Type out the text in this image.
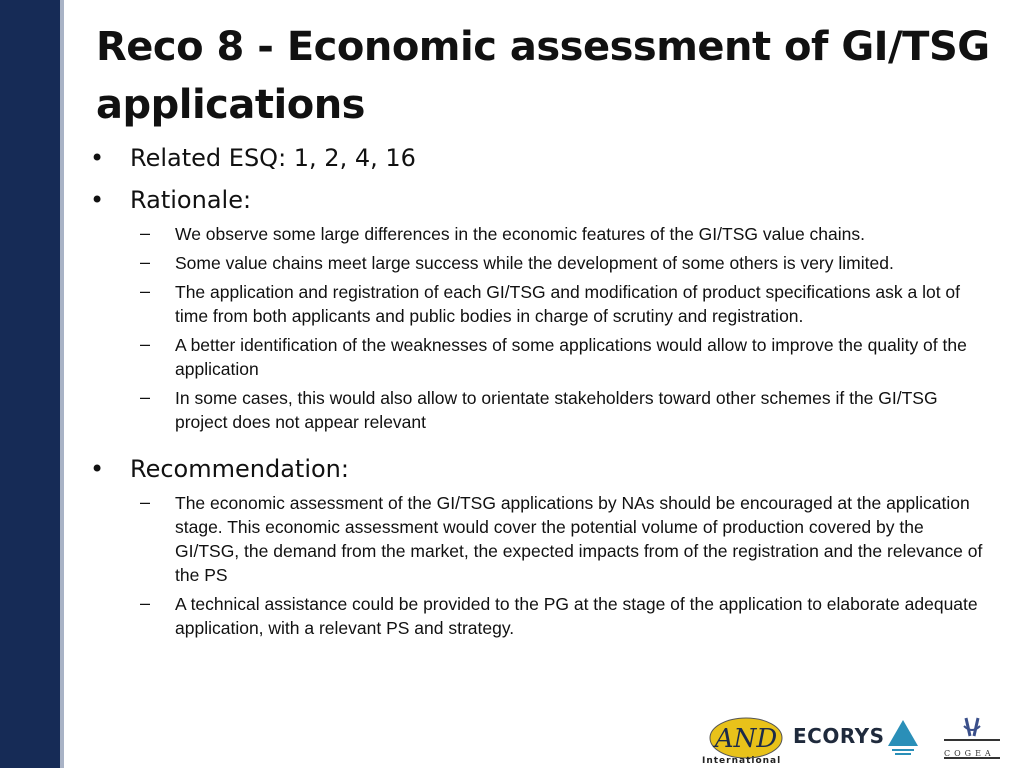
Reco 8 - Economic assessment of GI/TSG applications
• Related ESQ: 1, 2, 4, 16
• Rationale:
– We observe some large differences in the economic features of the GI/TSG value chains.
– Some value chains meet large success while the development of some others is very limited.
– The application and registration of each GI/TSG and modification of product specifications ask a lot of time from both applicants and public bodies in charge of scrutiny and registration.
– A better identification of the weaknesses of some applications would allow to improve the quality of the application
– In some cases, this would also allow to orientate stakeholders toward other schemes if the GI/TSG project does not appear relevant
• Recommendation:
– The economic assessment of the GI/TSG applications by NAs should be encouraged at the application stage. This economic assessment would cover the potential volume of production covered by the GI/TSG, the demand from the market, the expected impacts from of the registration and the relevance of the PS
– A technical assistance could be provided to the PG at the stage of the application to elaborate adequate application, with a relevant PS and strategy.
AND
International
ECORYS
COGEA
